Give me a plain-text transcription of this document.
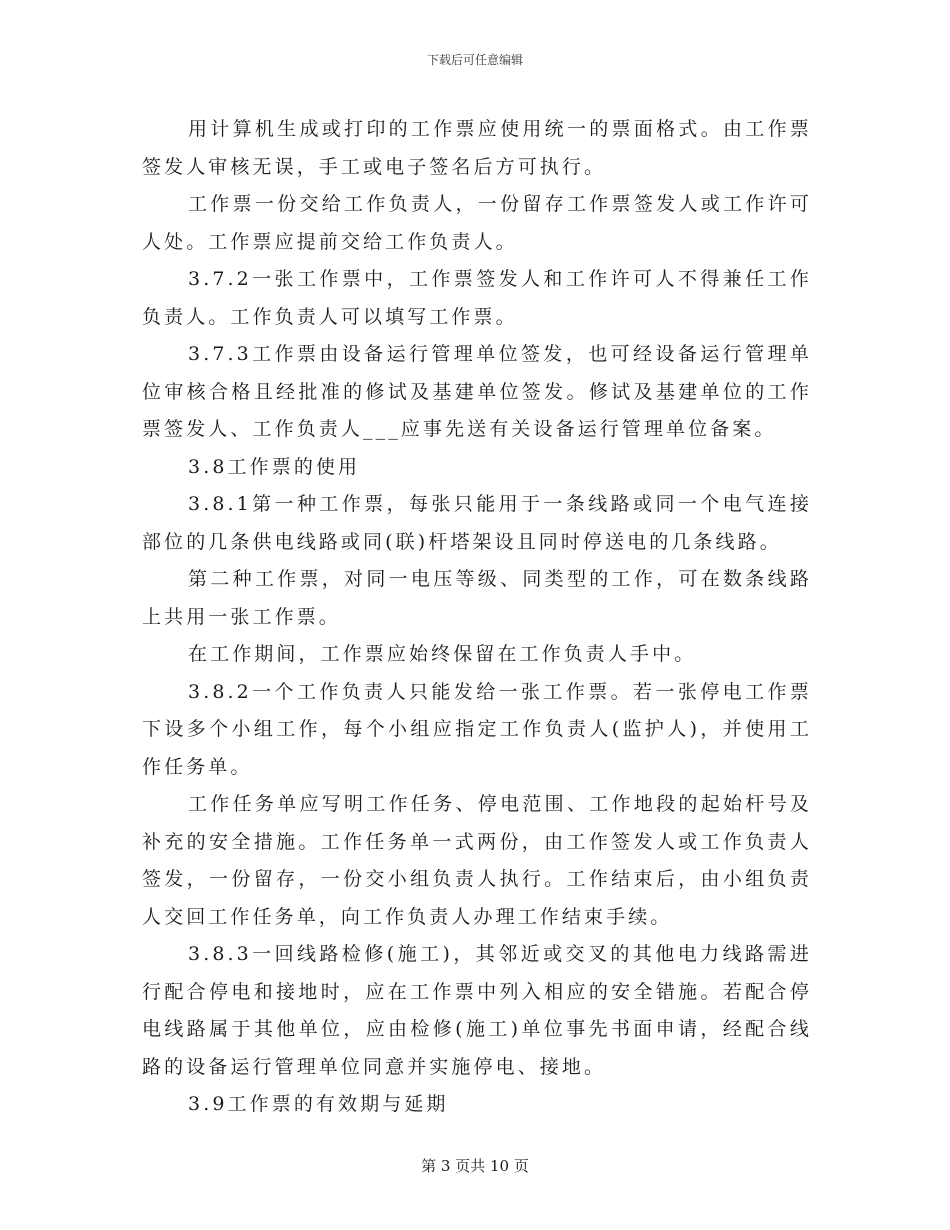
下载后可任意编辑

用计算机生成或打印的工作票应使用统一的票面格式。由工作票签发人审核无误，手工或电子签名后方可执行。

工作票一份交给工作负责人，一份留存工作票签发人或工作许可人处。工作票应提前交给工作负责人。

3.7.2一张工作票中，工作票签发人和工作许可人不得兼任工作负责人。工作负责人可以填写工作票。

3.7.3工作票由设备运行管理单位签发，也可经设备运行管理单位审核合格且经批准的修试及基建单位签发。修试及基建单位的工作票签发人、工作负责人___应事先送有关设备运行管理单位备案。

3.8工作票的使用

3.8.1第一种工作票，每张只能用于一条线路或同一个电气连接部位的几条供电线路或同(联)杆塔架设且同时停送电的几条线路。

第二种工作票，对同一电压等级、同类型的工作，可在数条线路上共用一张工作票。

在工作期间，工作票应始终保留在工作负责人手中。

3.8.2一个工作负责人只能发给一张工作票。若一张停电工作票下设多个小组工作，每个小组应指定工作负责人(监护人)，并使用工作任务单。

工作任务单应写明工作任务、停电范围、工作地段的起始杆号及补充的安全措施。工作任务单一式两份，由工作签发人或工作负责人签发，一份留存，一份交小组负责人执行。工作结束后，由小组负责人交回工作任务单，向工作负责人办理工作结束手续。

3.8.3一回线路检修(施工)，其邻近或交叉的其他电力线路需进行配合停电和接地时，应在工作票中列入相应的安全错施。若配合停电线路属于其他单位，应由检修(施工)单位事先书面申请，经配合线路的设备运行管理单位同意并实施停电、接地。

3.9工作票的有效期与延期

第 3 页共 10 页
